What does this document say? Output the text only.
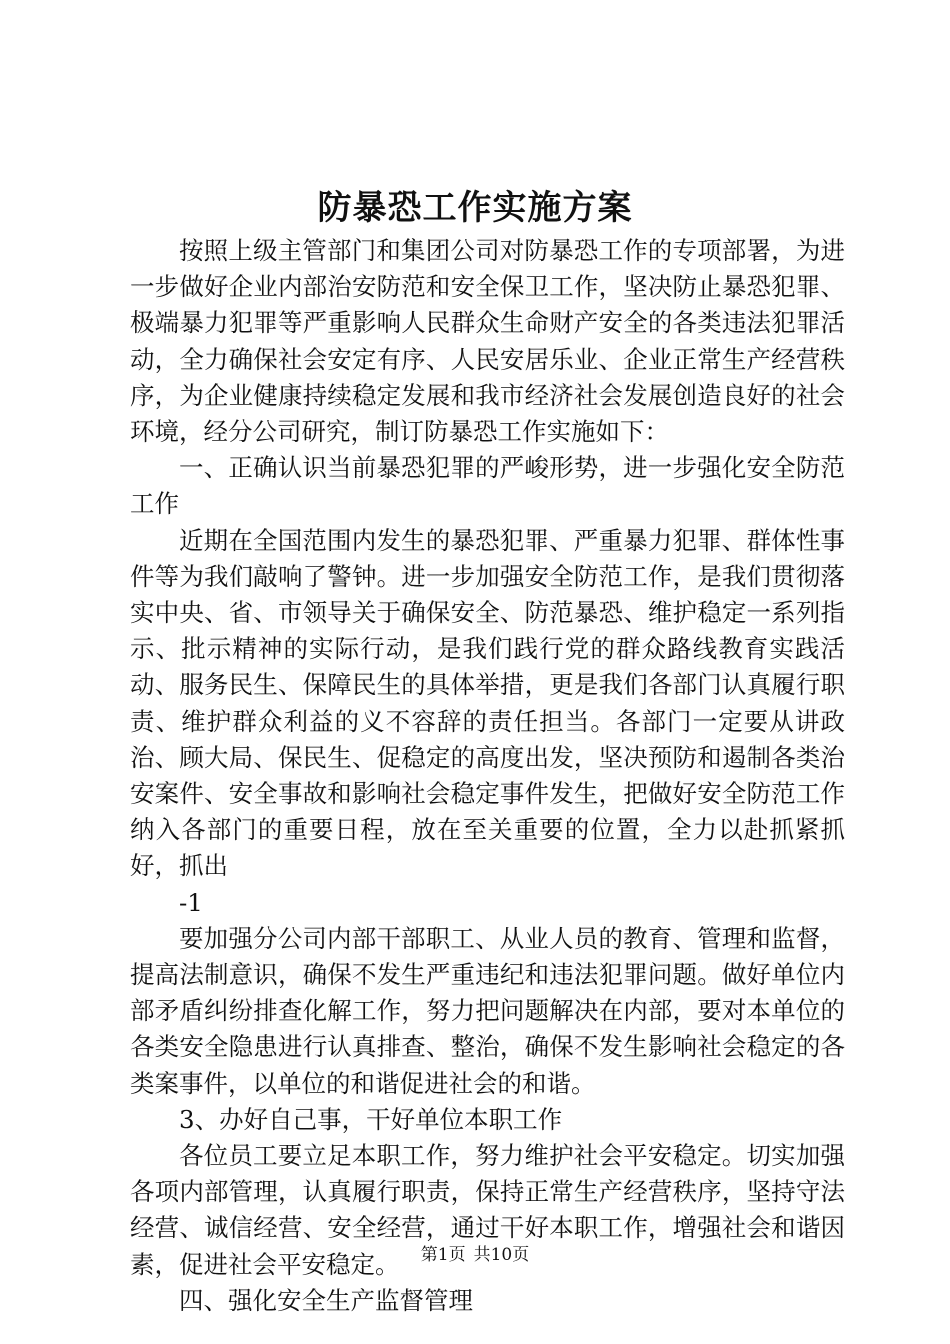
防暴恐工作实施方案

按照上级主管部门和集团公司对防暴恐工作的专项部署，为进一步做好企业内部治安防范和安全保卫工作，坚决防止暴恐犯罪、极端暴力犯罪等严重影响人民群众生命财产安全的各类违法犯罪活动，全力确保社会安定有序、人民安居乐业、企业正常生产经营秩序，为企业健康持续稳定发展和我市经济社会发展创造良好的社会环境，经分公司研究，制订防暴恐工作实施如下：

一、正确认识当前暴恐犯罪的严峻形势，进一步强化安全防范工作

近期在全国范围内发生的暴恐犯罪、严重暴力犯罪、群体性事件等为我们敲响了警钟。进一步加强安全防范工作，是我们贯彻落实中央、省、市领导关于确保安全、防范暴恐、维护稳定一系列指示、批示精神的实际行动，是我们践行党的群众路线教育实践活动、服务民生、保障民生的具体举措，更是我们各部门认真履行职责、维护群众利益的义不容辞的责任担当。各部门一定要从讲政治、顾大局、保民生、促稳定的高度出发，坚决预防和遏制各类治安案件、安全事故和影响社会稳定事件发生，把做好安全防范工作纳入各部门的重要日程，放在至关重要的位置，全力以赴抓紧抓好，抓出

-1

要加强分公司内部干部职工、从业人员的教育、管理和监督，提高法制意识，确保不发生严重违纪和违法犯罪问题。做好单位内部矛盾纠纷排查化解工作，努力把问题解决在内部，要对本单位的各类安全隐患进行认真排查、整治，确保不发生影响社会稳定的各类案事件，以单位的和谐促进社会的和谐。

3、办好自己事，干好单位本职工作

各位员工要立足本职工作，努力维护社会平安稳定。切实加强各项内部管理，认真履行职责，保持正常生产经营秩序，坚持守法经营、诚信经营、安全经营，通过干好本职工作，增强社会和谐因素，促进社会平安稳定。

四、强化安全生产监督管理

第1页 共10页
